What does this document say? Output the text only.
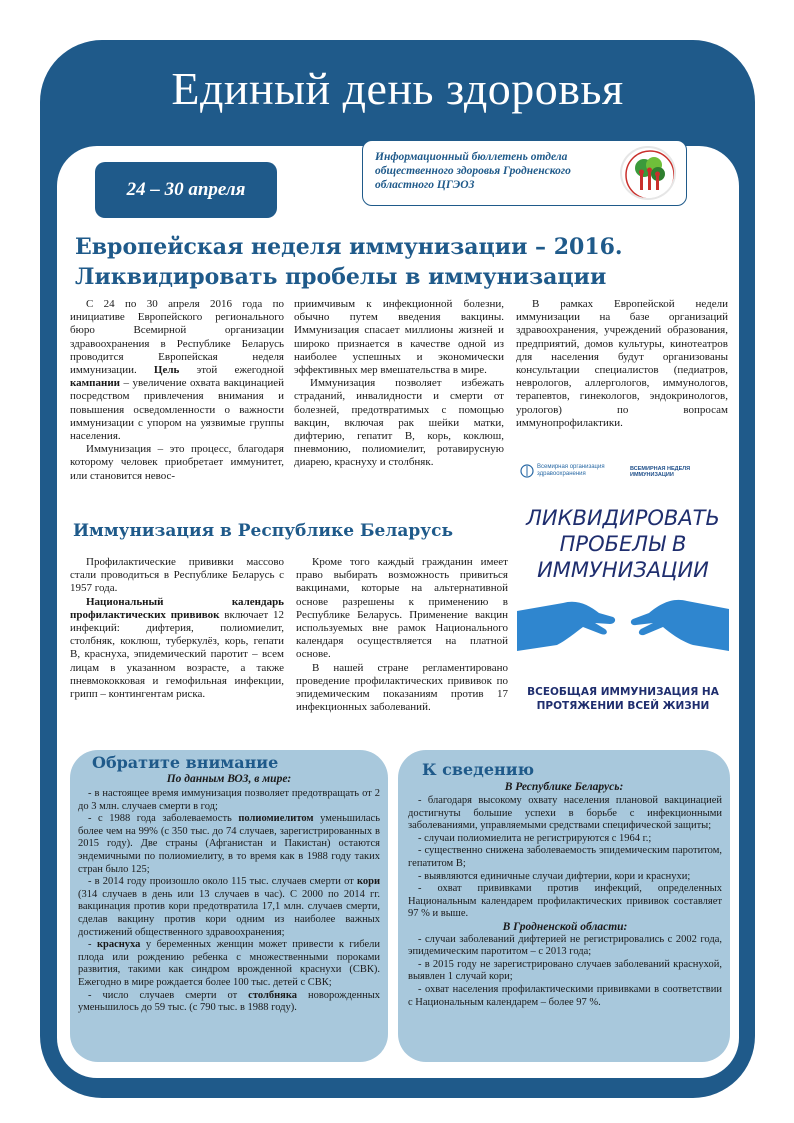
Единый день здоровья
24 – 30 апреля
Информационный бюллетень отдела общественного здоровья Гродненского областного ЦГЭОЗ
Европейская неделя иммунизации – 2016.
Ликвидировать пробелы в иммунизации

С 24 по 30 апреля 2016 года по инициативе Европейского регионального бюро Всемирной организации здравоохранения в Республике Беларусь проводится Европейская неделя иммунизации. Цель этой ежегодной кампании – увеличение охвата вакцинацией посредством привлечения внимания и повышения осведомленности о важности иммунизации с упором на уязвимые группы населения.

Иммунизация – это процесс, благодаря которому человек приобретает иммунитет, или становится невос-

приимчивым к инфекционной болезни, обычно путем введения вакцины. Иммунизация спасает миллионы жизней и широко признается в качестве одной из наиболее успешных и экономически эффективных мер вмешательства в мире.

Иммунизация позволяет избежать страданий, инвалидности и смерти от болезней, предотвратимых с помощью вакцин, включая рак шейки матки, дифтерию, гепатит В, корь, коклюш, пневмонию, полиомиелит, ротавирусную диарею, краснуху и столбняк.

В рамках Европейской недели иммунизации на базе организаций здравоохранения, учреждений образования, предприятий, домов культуры, кинотеатров для населения будут организованы консультации специалистов (педиатров, неврологов, аллергологов, иммунологов, терапевтов, гинекологов, эндокринологов, урологов) по вопросам иммунопрофилактики.

Всемирная организация
здравоохранения
ВСЕМИРНАЯ НЕДЕЛЯ ИММУНИЗАЦИИ
ЛИКВИДИРОВАТЬ
ПРОБЕЛЫ В
ИММУНИЗАЦИИ
ВСЕОБЩАЯ ИММУНИЗАЦИЯ НА
ПРОТЯЖЕНИИ ВСЕЙ ЖИЗНИ
Иммунизация в Республике Беларусь

Профилактические прививки массово стали проводиться в Республике Беларусь с 1957 года.

Национальный календарь профилактических прививок включает 12 инфекций: дифтерия, полиомиелит, столбняк, коклюш, туберкулёз, корь, гепати В, краснуха, эпидемический паротит – всем лицам в указанном возрасте, а также пневмококковая и гемофильная инфекции, грипп – контингентам риска.

Кроме того каждый гражданин имеет право выбирать возможность привиться вакцинами, которые на альтернативной основе разрешены к применению в Республике Беларусь. Применение вакцин используемых вне рамок Национального календаря осуществляется на платной основе.

В нашей стране регламентировано проведение профилактических прививок по эпидемическим показаниям против 17 инфекционных заболеваний.

Обратите внимание
По данным ВОЗ, в мире:

- в настоящее время иммунизация позволяет предотвращать от 2 до 3 млн. случаев смерти в год;

- с 1988 года заболеваемость полиомиелитом уменьшилась более чем на 99% (с 350 тыс. до 74 случаев, зарегистрированных в 2015 году). Две страны (Афганистан и Пакистан) остаются эндемичными по полиомиелиту, в то время как в 1988 году таких стран было 125;

- в 2014 году произошло около 115 тыс. случаев смерти от кори (314 случаев в день или 13 случаев в час). С 2000 по 2014 гг. вакцинация против кори предотвратила 17,1 млн. случаев смерти, сделав вакцину против кори одним из наиболее важных достижений общественного здравоохранения;

- краснуха у беременных женщин может привести к гибели плода или рождению ребенка с множественными пороками развития, такими как синдром врожденной краснухи (СВК). Ежегодно в мире рождается более 100 тыс. детей с СВК;

- число случаев смерти от столбняка новорожденных уменьшилось до 59 тыс. (с 790 тыс. в 1988 году).

К сведению
В Республике Беларусь:

- благодаря высокому охвату населения плановой вакцинацией достигнуты большие успехи в борьбе с инфекционными заболеваниями, управляемыми средствами специфической защиты;

- случаи полиомиелита не регистрируются с 1964 г.;

- существенно снижена заболеваемость эпидемическим паротитом, гепатитом В;

- выявляются единичные случаи дифтерии, кори и краснухи;

- охват прививками против инфекций, определенных Национальным календарем профилактических прививок составляет 97 % и выше.

В Гродненской области:

- случаи заболеваний дифтерией не регистрировались с 2002 года, эпидемическим паротитом – с 2013 года;

- в 2015 году не зарегистрировано случаев заболеваний краснухой, выявлен 1 случай кори;

- охват населения профилактическими прививками в соответствии с Национальным календарем – более 97 %.
